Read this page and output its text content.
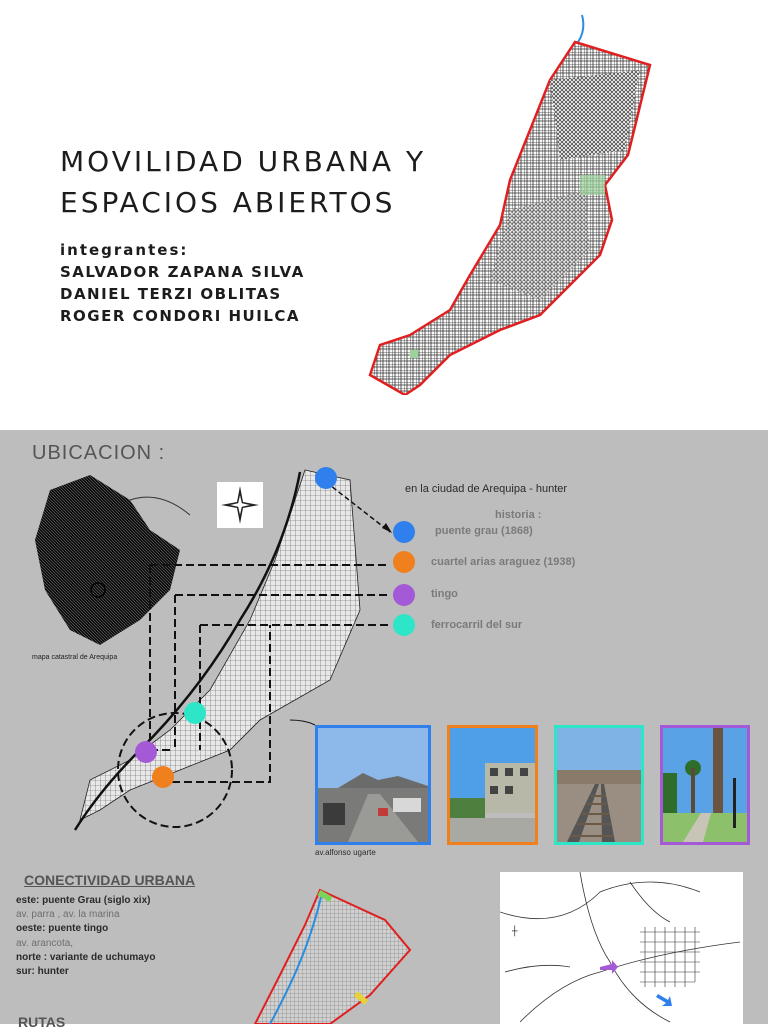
MOVILIDAD URBANA Y
ESPACIOS ABIERTOS
integrantes:
SALVADOR ZAPANA SILVA
DANIEL TERZI OBLITAS
ROGER CONDORI HUILCA
UBICACION :
mapa catastral de Arequipa
en la ciudad de Arequipa - hunter
historia :
puente grau (1868)
cuartel arias araguez (1938)
tingo
ferrocarril del sur
av.alfonso ugarte
CONECTIVIDAD URBANA
este: puente Grau (siglo xix)
av. parra , av. la marina
oeste: puente tingo
av. arancota,
norte : variante de uchumayo
sur: hunter
RUTAS
┼
